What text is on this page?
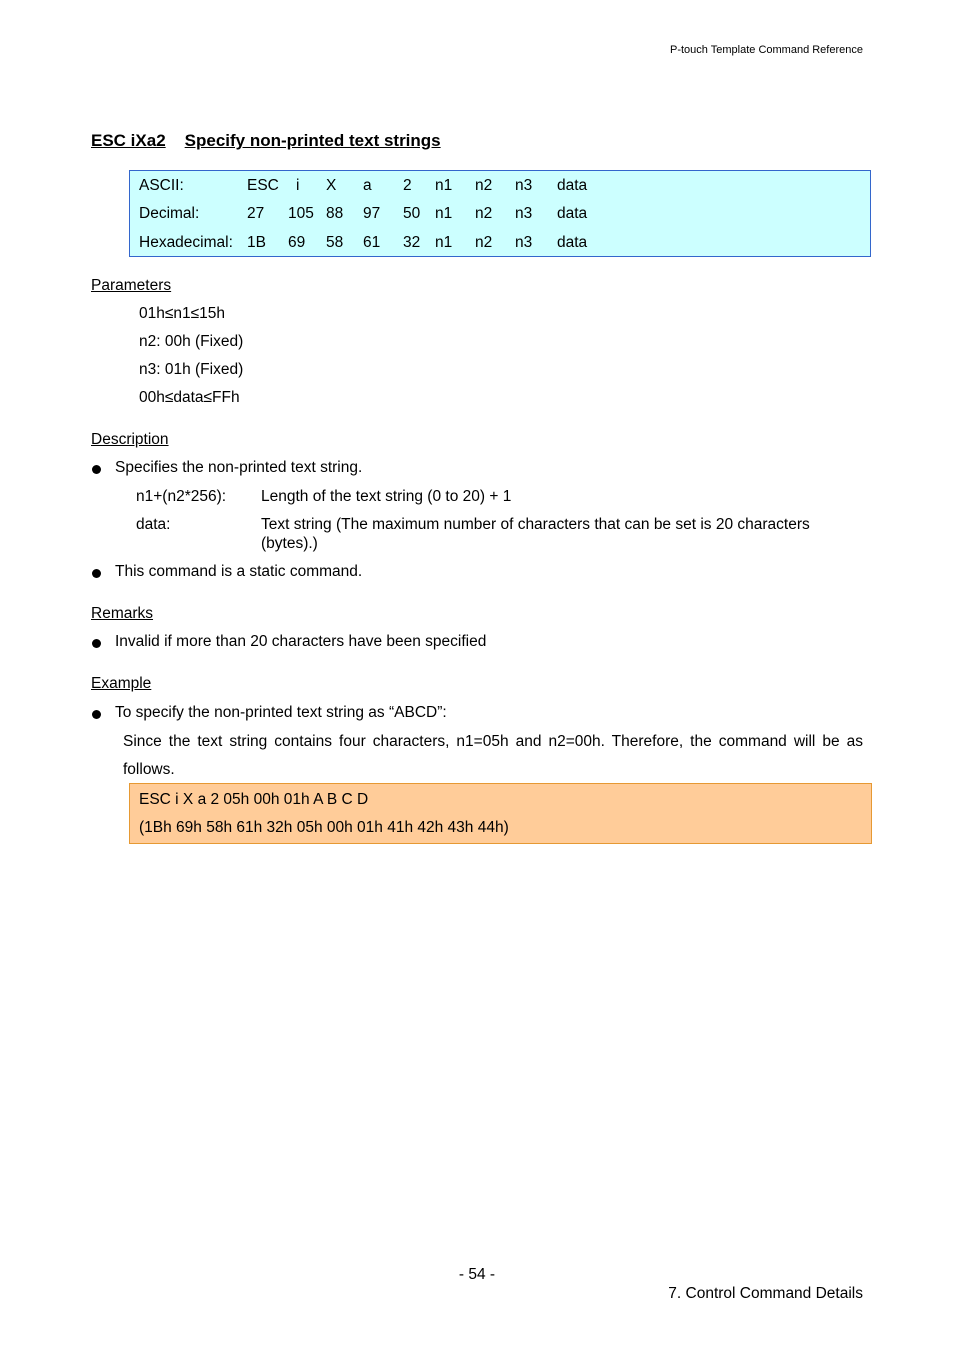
P-touch Template Command Reference
ESC iXa2 Specify non-printed text strings
ASCII:	ESC i X a 2 n1 n2 n3 data
Decimal:	27 105 88 97 50 n1 n2 n3 data
Hexadecimal: 1B 69 58 61 32 n1 n2 n3 data
Parameters
01h≤n1≤15h
n2: 00h (Fixed)
n3: 01h (Fixed)
00h≤data≤FFh
Description
Specifies the non-printed text string.
n1+(n2*256): Length of the text string (0 to 20) + 1
data:	Text string (The maximum number of characters that can be set is 20 characters
(bytes).)
This command is a static command.
Remarks
Invalid if more than 20 characters have been specified
Example
To specify the non-printed text string as “ABCD”:
Since the text string contains four characters, n1=05h and n2=00h. Therefore, the command will be as
follows.
ESC i X a 2 05h 00h 01h A B C D
(1Bh 69h 58h 61h 32h 05h 00h 01h 41h 42h 43h 44h)
- 54 -
7. Control Command Details
